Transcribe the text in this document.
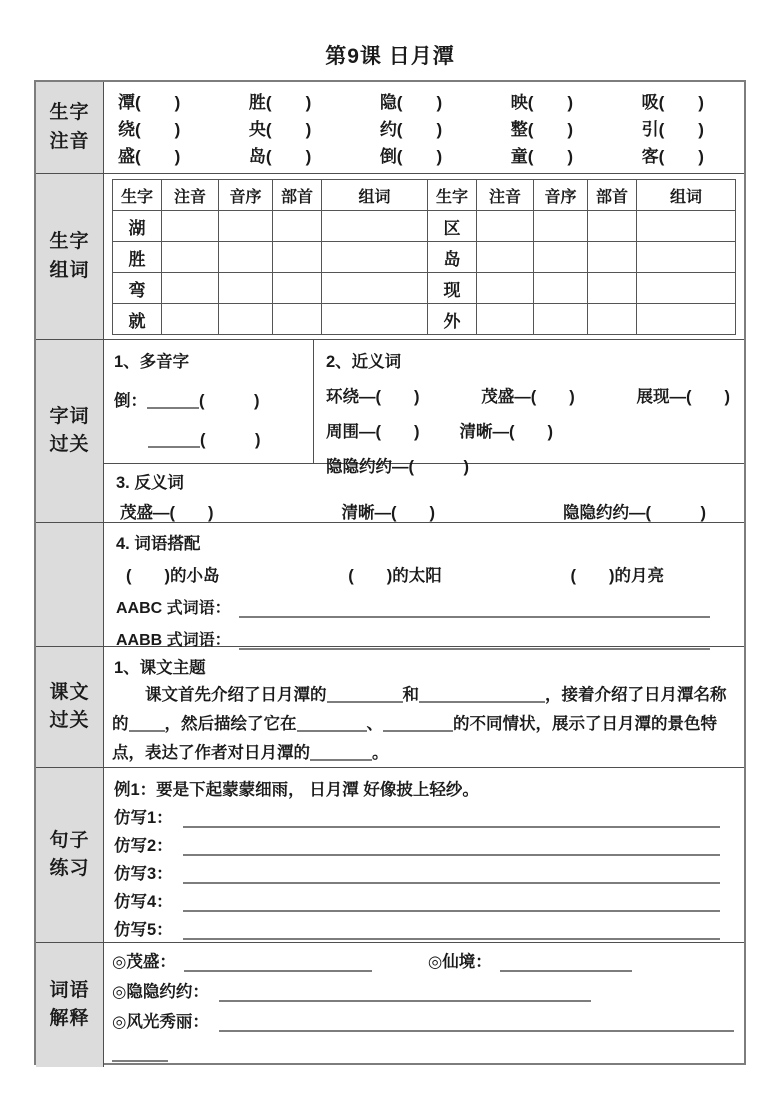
第9课 日月潭
生字
注音
潭(　　)	胜(　　)	隐(　　)	映(　　)	吸(　　)
绕(　　)	央(　　)	约(　　)	整(　　)	引(　　)
盛(　　)	岛(　　)	倒(　　)	童(　　)	客(　　)
生字
组词
生字	注音	音序	部首	组词	生字	注音	音序	部首	组词
湖					区				
胜					岛				
弯					现				
就					外				
字词
过关
1、多音字
倒：	(　　　)
(　　　)
2、近义词
环绕—(　　)	茂盛—(　　)	展现—(　　)
周围—(　　) 清晰—(　　)
隐隐约约—(　　　)
3. 反义词
茂盛—(　　)	清晰—(　　)	隐隐约约—(　　　)
4. 词语搭配
(　　)的小岛	(　　)的太阳	(　　)的月亮
AABC 式词语：
AABB 式词语：
课文
过关
1、课文主题

课文首先介绍了日月潭的	和	，接着介绍了日月潭名称的 ，然后描绘了它在	、	的不同情状，展示了日月潭的景色特点，表达了作者对日月潭的	。

句子
练习
例1：要是下起蒙蒙细雨， 日月潭 好像披上轻纱。
仿写1：
仿写2：
仿写3：
仿写4：
仿写5：
词语
解释
◎茂盛：	◎仙境：
◎隐隐约约：
◎风光秀丽：
